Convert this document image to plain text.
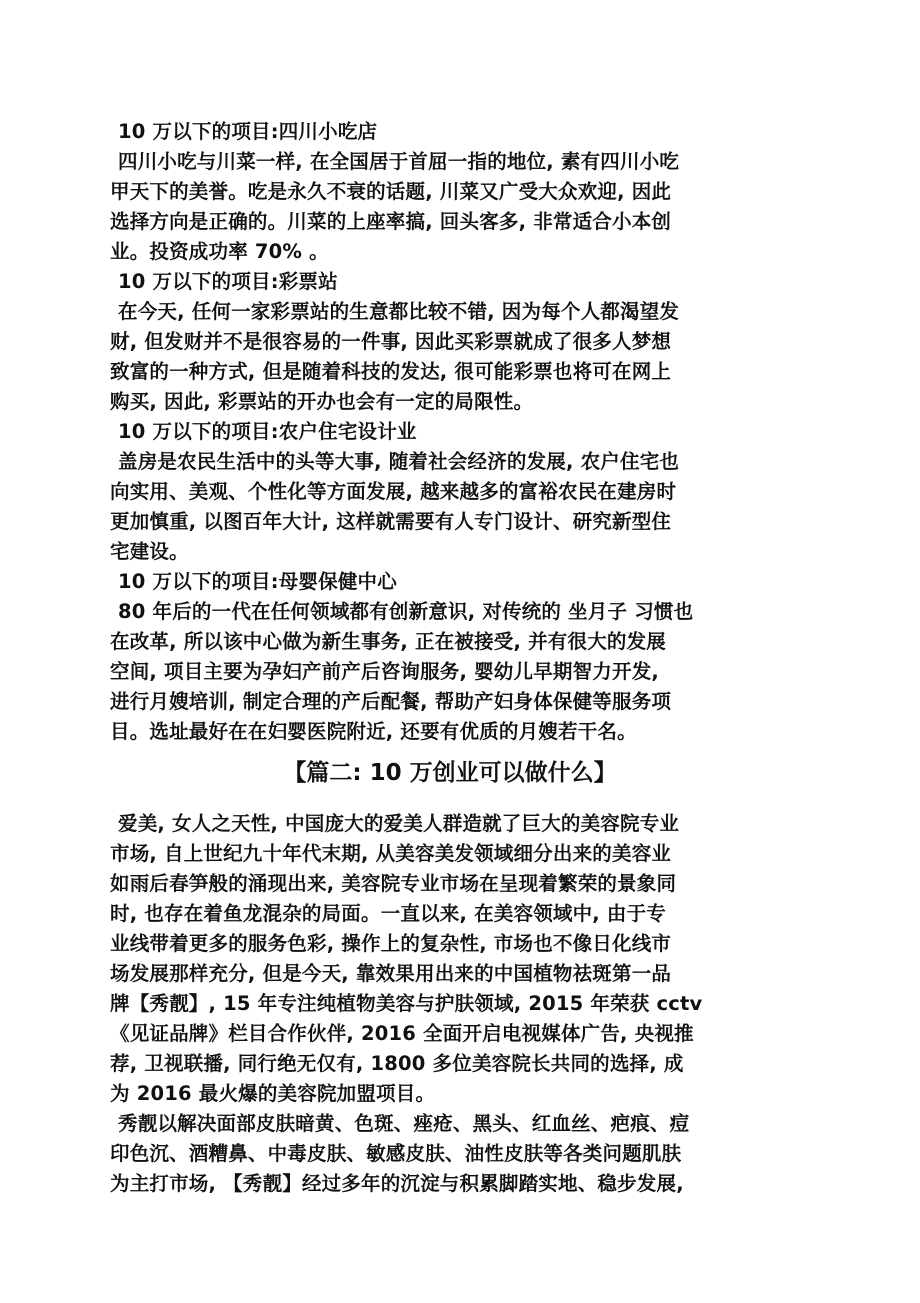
10 万以下的项目:四川小吃店
四川小吃与川菜一样, 在全国居于首屈一指的地位, 素有四川小吃
甲天下的美誉。吃是永久不衰的话题, 川菜又广受大众欢迎, 因此
选择方向是正确的。川菜的上座率搞, 回头客多, 非常适合小本创
业。投资成功率 70% 。
10 万以下的项目:彩票站
在今天, 任何一家彩票站的生意都比较不错, 因为每个人都渴望发
财, 但发财并不是很容易的一件事, 因此买彩票就成了很多人梦想
致富的一种方式, 但是随着科技的发达, 很可能彩票也将可在网上
购买, 因此, 彩票站的开办也会有一定的局限性。
10 万以下的项目:农户住宅设计业
盖房是农民生活中的头等大事, 随着社会经济的发展, 农户住宅也
向实用、美观、个性化等方面发展, 越来越多的富裕农民在建房时
更加慎重, 以图百年大计, 这样就需要有人专门设计、研究新型住
宅建设。
10 万以下的项目:母婴保健中心
80 年后的一代在任何领域都有创新意识, 对传统的 坐月子 习惯也
在改革, 所以该中心做为新生事务, 正在被接受, 并有很大的发展
空间, 项目主要为孕妇产前产后咨询服务, 婴幼儿早期智力开发,
进行月嫂培训, 制定合理的产后配餐, 帮助产妇身体保健等服务项
目。选址最好在在妇婴医院附近, 还要有优质的月嫂若干名。
【篇二: 10 万创业可以做什么】
爱美, 女人之天性, 中国庞大的爱美人群造就了巨大的美容院专业
市场, 自上世纪九十年代末期, 从美容美发领域细分出来的美容业
如雨后春笋般的涌现出来, 美容院专业市场在呈现着繁荣的景象同
时, 也存在着鱼龙混杂的局面。一直以来, 在美容领域中, 由于专
业线带着更多的服务色彩, 操作上的复杂性, 市场也不像日化线市
场发展那样充分, 但是今天, 靠效果用出来的中国植物祛斑第一品
牌【秀靓】, 15 年专注纯植物美容与护肤领域, 2015 年荣获 cctv
《见证品牌》栏目合作伙伴, 2016 全面开启电视媒体广告, 央视推
荐, 卫视联播, 同行绝无仅有, 1800 多位美容院长共同的选择, 成
为 2016 最火爆的美容院加盟项目。
秀靓以解决面部皮肤暗黄、色斑、痤疮、黑头、红血丝、疤痕、痘
印色沉、酒糟鼻、中毒皮肤、敏感皮肤、油性皮肤等各类问题肌肤
为主打市场, 【秀靓】经过多年的沉淀与积累脚踏实地、稳步发展,
